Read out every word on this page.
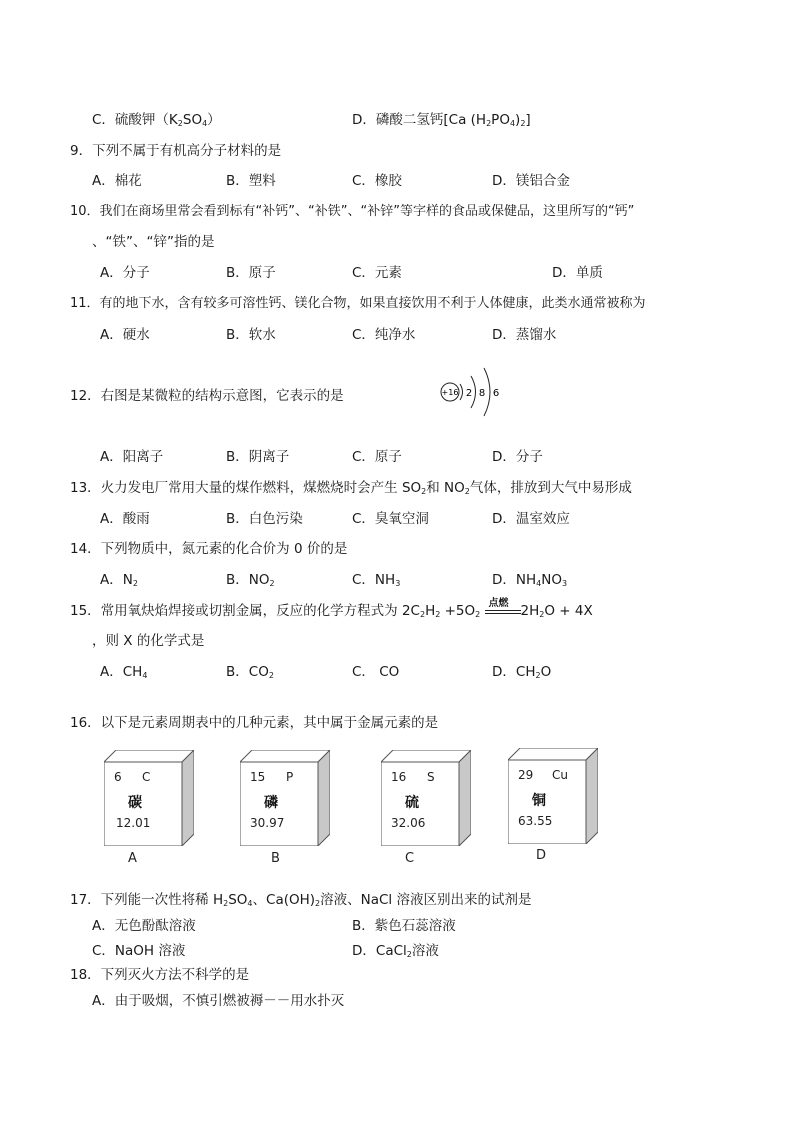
C．硫酸钾$(K_2SO_4)$	D．磷酸二氢钙[Ca $(H_2PO_4)_2$]
9．下列不属于有机高分子材料的是
A．棉花	B．塑料	C．橡胶	D．镁铝合金
10．我们在商场里常会看到标有“补钙”、“补铁”、“补锌”等字样的食品或保健品，这里所写的“钙”
、“铁”、“锌”指的是
A．分子	B．原子	C．元素	D．单质
11．有的地下水，含有较多可溶性钙、镁化合物，如果直接饮用不利于人体健康，此类水通常被称为
A．硬水	B．软水	C．纯净水	D．蒸馏水
12．右图是某微粒的结构示意图，它表示的是	+16 2 8 6
A．阳离子	B．阴离子	C．原子	D．分子
13．火力发电厂常用大量的煤作燃料，煤燃烧时会产生 $SO_2$和 $NO_2$气体，排放到大气中易形成
A．酸雨	B．白色污染	C．臭氧空洞	D．温室效应
14．下列物质中，氮元素的化合价为 0 价的是
A．$N_2$	B．$NO_2$	C．$NH_3$	D．$NH_4NO_3$
15．常用氧炔焰焊接或切割金属，反应的化学方程式为 $2C_2H_2 +5O_2$
点燃 $2H_2O + 4X$
，则 X 的化学式是
A．$CH_4$	B．$CO_2$	C． CO	D．$CH_2O$
16．以下是元素周期表中的几种元素，其中属于金属元素的是
6 C
碳
12.01
A
15 P
磷
30.97
B
16 S
硫
32.06
C
29 Cu
铜
63.55
D
17．下列能一次性将稀 $H_2SO_4$、$Ca(OH)_2$溶液、NaCl 溶液区别出来的试剂是
A．无色酚酞溶液	B．紫色石蕊溶液
C．NaOH 溶液	D．CaCl$_2$溶液
18．下列灭火方法不科学的是
A．由于吸烟，不慎引燃被褥－－用水扑灭
